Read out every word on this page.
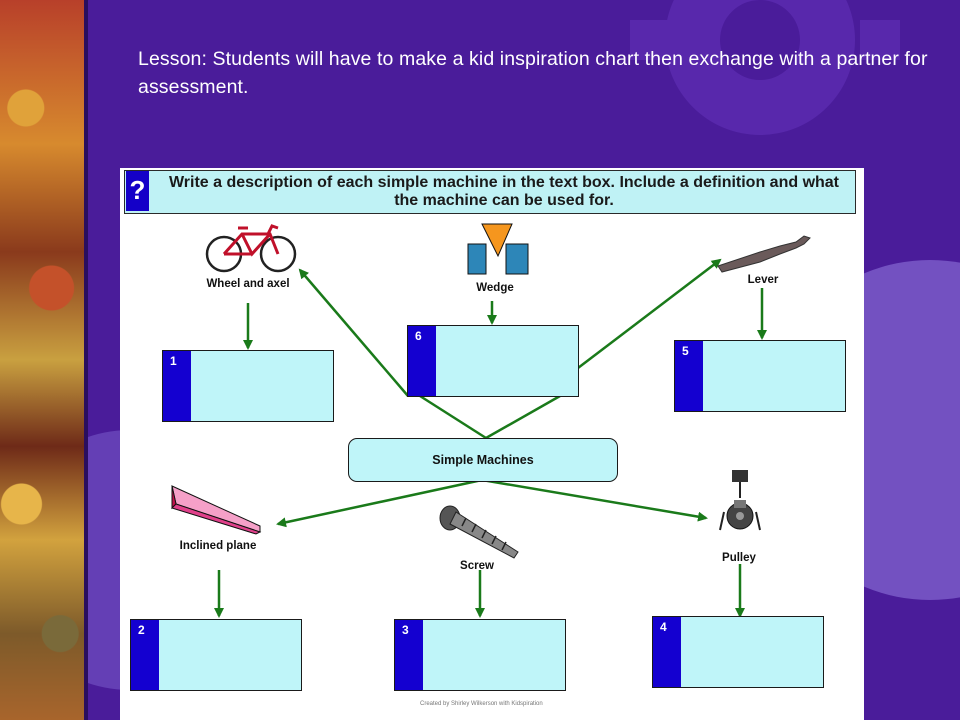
Lesson: Students will have to make a kid inspiration chart then exchange with a partner for assessment.
?	Write a description of each simple machine in the text box. Include a definition and what the machine can be used for.
Wheel and axel	Wedge
Lever
Inclined plane
Screw
Pulley
1
6
5
2	3	4
Simple Machines
Created by Shirley Wilkerson with Kidspiration
